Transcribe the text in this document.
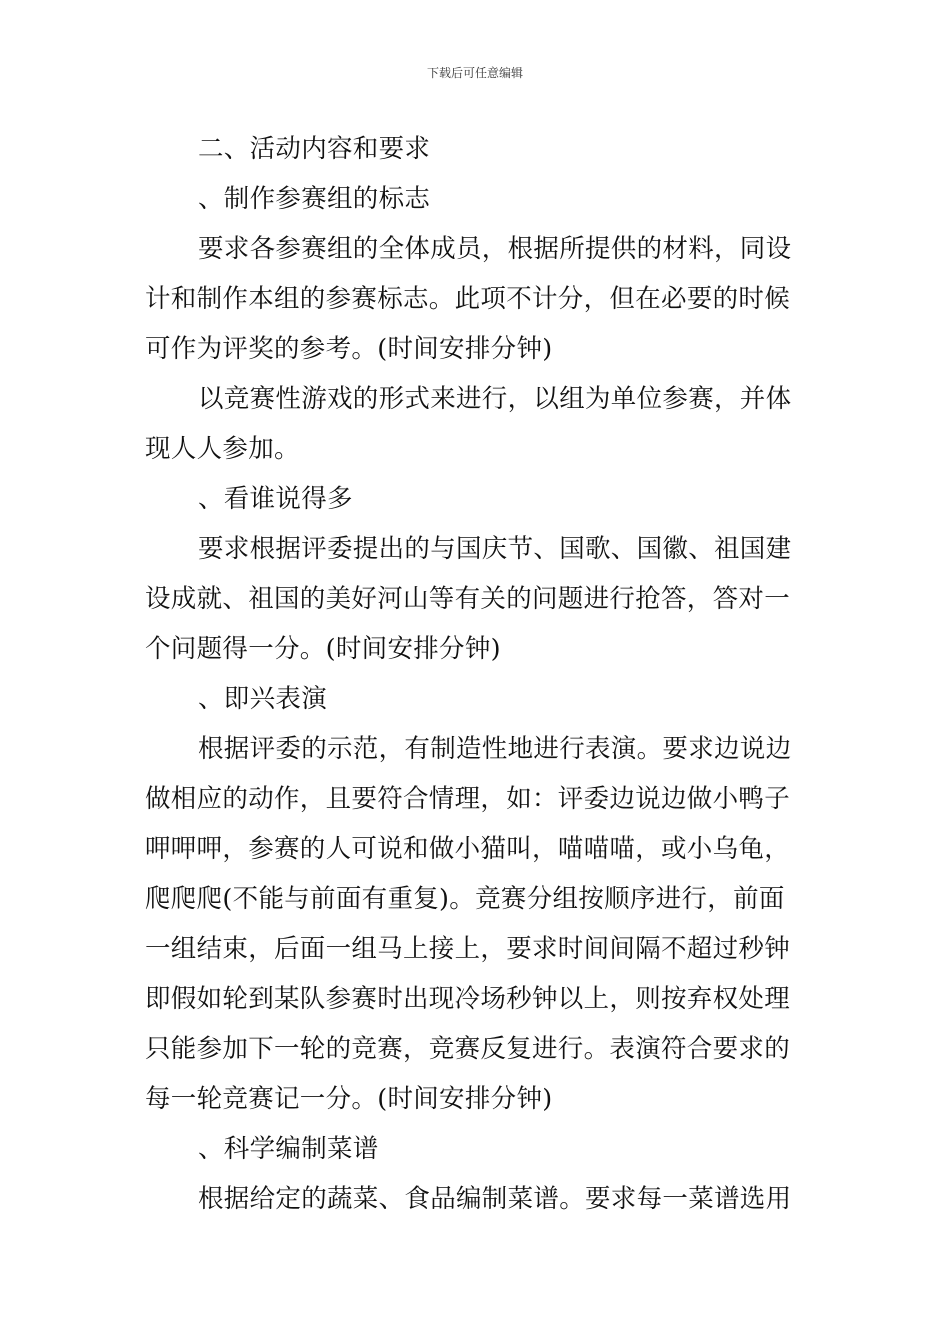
下载后可任意编辑
二、活动内容和要求
、制作参赛组的标志
要求各参赛组的全体成员，根据所提供的材料，同设
计和制作本组的参赛标志。此项不计分，但在必要的时候
可作为评奖的参考。(时间安排分钟)
以竞赛性游戏的形式来进行，以组为单位参赛，并体
现人人参加。
、看谁说得多
要求根据评委提出的与国庆节、国歌、国徽、祖国建
设成就、祖国的美好河山等有关的问题进行抢答，答对一
个问题得一分。(时间安排分钟)
、即兴表演
根据评委的示范，有制造性地进行表演。要求边说边
做相应的动作，且要符合情理，如：评委边说边做小鸭子
呷呷呷，参赛的人可说和做小猫叫，喵喵喵，或小乌龟，
爬爬爬(不能与前面有重复)。竞赛分组按顺序进行，前面
一组结束，后面一组马上接上，要求时间间隔不超过秒钟
即假如轮到某队参赛时出现冷场秒钟以上，则按弃权处理
只能参加下一轮的竞赛，竞赛反复进行。表演符合要求的
每一轮竞赛记一分。(时间安排分钟)
、科学编制菜谱
根据给定的蔬菜、食品编制菜谱。要求每一菜谱选用
